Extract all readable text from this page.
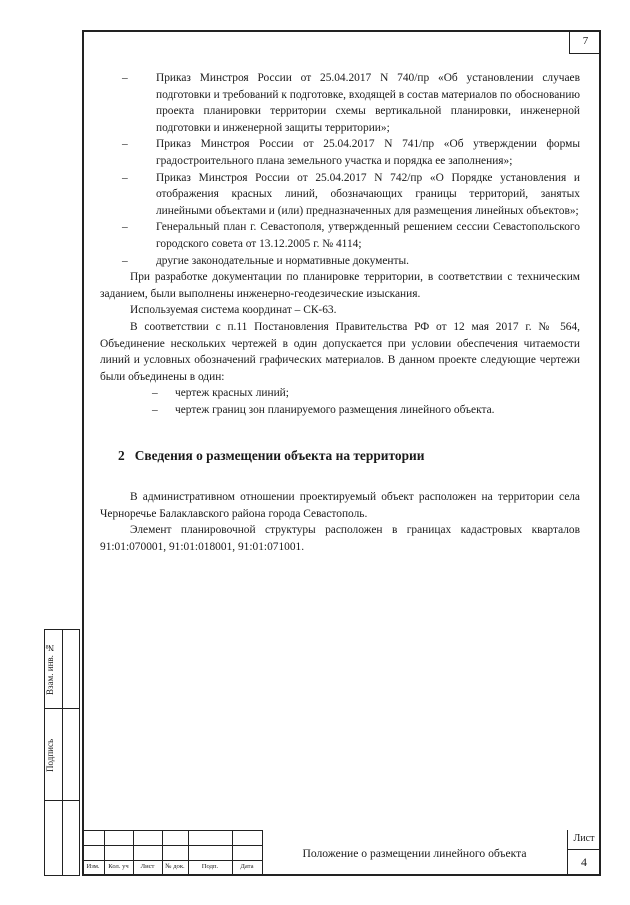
7
– Приказ Минстроя России от 25.04.2017 N 740/пр «Об установлении случаев подготовки и требований к подготовке, входящей в состав материалов по обоснованию проекта планировки территории схемы вертикальной планировки, инженерной подготовки и инженерной защиты территории»;
– Приказ Минстроя России от 25.04.2017 N 741/пр «Об утверждении формы градостроительного плана земельного участка и порядка ее заполнения»;
– Приказ Минстроя России от 25.04.2017 N 742/пр «О Порядке установления и отображения красных линий, обозначающих границы территорий, занятых линейными объектами и (или) предназначенных для размещения линейных объектов»;
– Генеральный план г. Севастополя, утвержденный решением сессии Севастопольского городского совета от 13.12.2005 г. № 4114;
– другие законодательные и нормативные документы.
При разработке документации по планировке территории, в соответствии с техническим заданием, были выполнены инженерно-геодезические изыскания.
Используемая система координат – СК-63.
В соответствии с п.11 Постановления Правительства РФ от 12 мая 2017 г. № 564, Объединение нескольких чертежей в один допускается при условии обеспечения читаемости линий и условных обозначений графических материалов. В данном проекте следующие чертежи были объединены в один:
– чертеж красных линий;
– чертеж границ зон планируемого размещения линейного объекта.
2 Сведения о размещении объекта на территории
В административном отношении проектируемый объект расположен на территории села Черноречье Балаклавского района города Севастополь.
Элемент планировочной структуры расположен в границах кадастровых кварталов 91:01:070001, 91:01:018001, 91:01:071001.
Взам. инв. №
Подпись
Изм.	Кол. уч	Лист	№ док.	Подп.	Дата
Положение о размещении линейного объекта
Лист
4
